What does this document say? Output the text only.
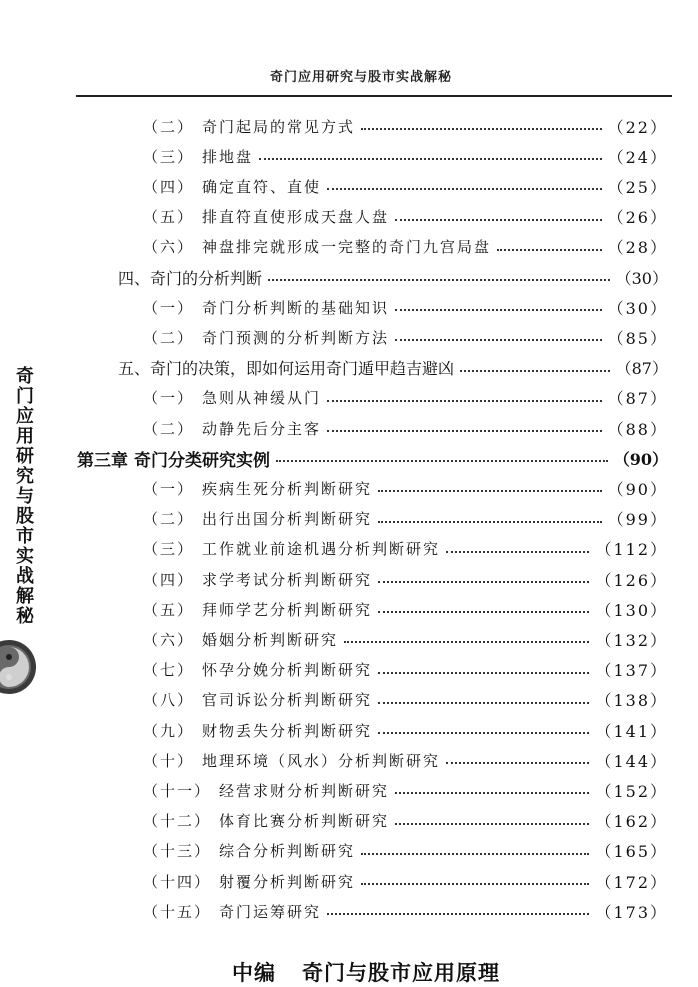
奇门应用研究与股市实战解秘
（二） 奇门起局的常见方式	（22）
（三） 排地盘	（24）
（四） 确定直符、直使	（25）
（五） 排直符直使形成天盘人盘	（26）
（六） 神盘排完就形成一完整的奇门九宫局盘	（28）
四、 奇门的分析判断	（30）
（一） 奇门分析判断的基础知识	（30）
（二） 奇门预测的分析判断方法	（85）
五、 奇门的决策，即如何运用奇门遁甲趋吉避凶	（87）
（一） 急则从神缓从门	（87）
（二） 动静先后分主客	（88）
第三章 奇门分类研究实例	（90）
（一） 疾病生死分析判断研究	（90）
（二） 出行出国分析判断研究	（99）
（三） 工作就业前途机遇分析判断研究	（112）
（四） 求学考试分析判断研究	（126）
（五） 拜师学艺分析判断研究	（130）
（六） 婚姻分析判断研究	（132）
（七） 怀孕分娩分析判断研究	（137）
（八） 官司诉讼分析判断研究	（138）
（九） 财物丢失分析判断研究	（141）
（十） 地理环境（风水）分析判断研究	（144）
（十一） 经营求财分析判断研究	（152）
（十二） 体育比赛分析判断研究	（162）
（十三） 综合分析判断研究	（165）
（十四） 射覆分析判断研究	（172）
（十五） 奇门运筹研究	（173）
奇门应用研究与股市实战解秘
中编 奇门与股市应用原理
